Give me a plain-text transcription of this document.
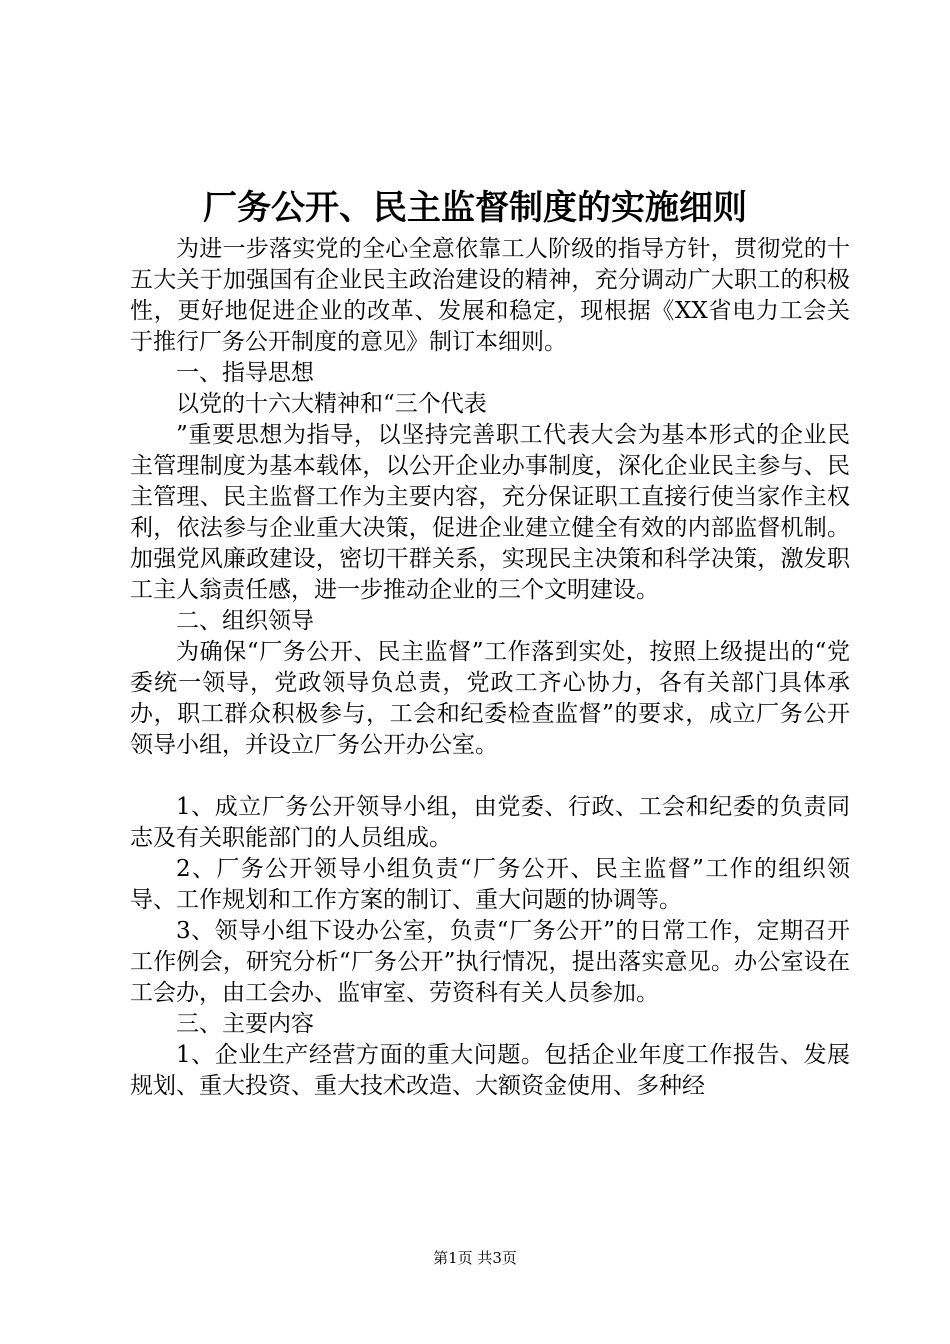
厂务公开、民主监督制度的实施细则

为进一步落实党的全心全意依靠工人阶级的指导方针，贯彻党的十五大关于加强国有企业民主政治建设的精神，充分调动广大职工的积极性，更好地促进企业的改革、发展和稳定，现根据《XX省电力工会关于推行厂务公开制度的意见》制订本细则。

一、指导思想

以党的十六大精神和“三个代表

”重要思想为指导，以坚持完善职工代表大会为基本形式的企业民主管理制度为基本载体，以公开企业办事制度，深化企业民主参与、民主管理、民主监督工作为主要内容，充分保证职工直接行使当家作主权利，依法参与企业重大决策，促进企业建立健全有效的内部监督机制。加强党风廉政建设，密切干群关系，实现民主决策和科学决策，激发职工主人翁责任感，进一步推动企业的三个文明建设。

二、组织领导

为确保“厂务公开、民主监督”工作落到实处，按照上级提出的“党委统一领导，党政领导负总责，党政工齐心协力，各有关部门具体承办，职工群众积极参与，工会和纪委检查监督”的要求，成立厂务公开领导小组，并设立厂务公开办公室。

1、成立厂务公开领导小组，由党委、行政、工会和纪委的负责同志及有关职能部门的人员组成。

2、厂务公开领导小组负责“厂务公开、民主监督”工作的组织领导、工作规划和工作方案的制订、重大问题的协调等。

3、领导小组下设办公室，负责“厂务公开”的日常工作，定期召开工作例会，研究分析“厂务公开”执行情况，提出落实意见。办公室设在工会办，由工会办、监审室、劳资科有关人员参加。

三、主要内容

1、企业生产经营方面的重大问题。包括企业年度工作报告、发展规划、重大投资、重大技术改造、大额资金使用、多种经

第1页 共3页
